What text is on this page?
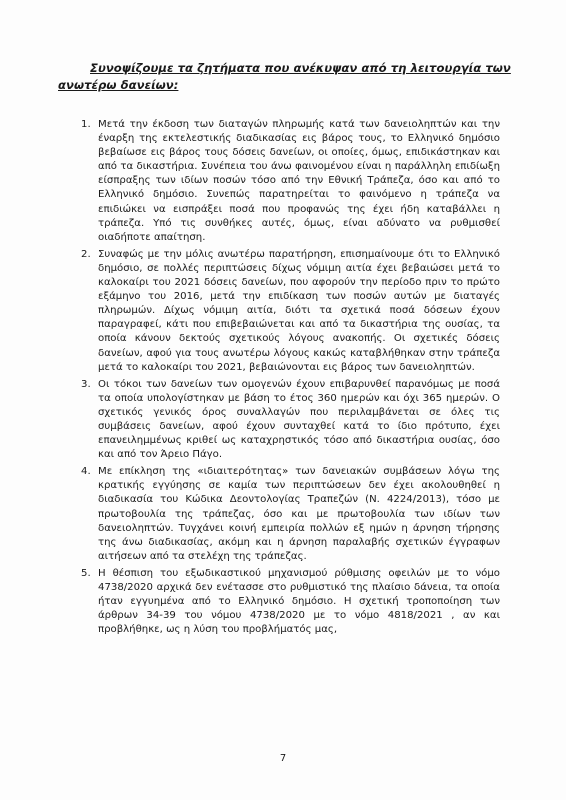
Συνοψίζουμε τα ζητήματα που ανέκυψαν από τη λειτουργία των ανωτέρω δανείων:
1. Μετά την έκδοση των διαταγών πληρωμής κατά των δανειοληπτών και την έναρξη της εκτελεστικής διαδικασίας εις βάρος τους, το Ελληνικό δημόσιο βεβαίωσε εις βάρος τους δόσεις δανείων, οι οποίες, όμως, επιδικάστηκαν και από τα δικαστήρια. Συνέπεια του άνω φαινομένου είναι η παράλληλη επιδίωξη είσπραξης των ιδίων ποσών τόσο από την Εθνική Τράπεζα, όσο και από το Ελληνικό δημόσιο. Συνεπώς παρατηρείται το φαινόμενο η τράπεζα να επιδιώκει να εισπράξει ποσά που προφανώς της έχει ήδη καταβάλλει η τράπεζα. Υπό τις συνθήκες αυτές, όμως, είναι αδύνατο να ρυθμισθεί οιαδήποτε απαίτηση.
2. Συναφώς με την μόλις ανωτέρω παρατήρηση, επισημαίνουμε ότι το Ελληνικό δημόσιο, σε πολλές περιπτώσεις δίχως νόμιμη αιτία έχει βεβαιώσει μετά το καλοκαίρι του 2021 δόσεις δανείων, που αφορούν την περίοδο πριν το πρώτο εξάμηνο του 2016, μετά την επιδίκαση των ποσών αυτών με διαταγές πληρωμών. Δίχως νόμιμη αιτία, διότι τα σχετικά ποσά δόσεων έχουν παραγραφεί, κάτι που επιβεβαιώνεται και από τα δικαστήρια της ουσίας, τα οποία κάνουν δεκτούς σχετικούς λόγους ανακοπής. Οι σχετικές δόσεις δανείων, αφού για τους ανωτέρω λόγους κακώς καταβλήθηκαν στην τράπεζα μετά το καλοκαίρι του 2021, βεβαιώνονται εις βάρος των δανειοληπτών.
3. Οι τόκοι των δανείων των ομογενών έχουν επιβαρυνθεί παρανόμως με ποσά τα οποία υπολογίστηκαν με βάση το έτος 360 ημερών και όχι 365 ημερών. Ο σχετικός γενικός όρος συναλλαγών που περιλαμβάνεται σε όλες τις συμβάσεις δανείων, αφού έχουν συνταχθεί κατά το ίδιο πρότυπο, έχει επανειλημμένως κριθεί ως καταχρηστικός τόσο από δικαστήρια ουσίας, όσο και από τον Άρειο Πάγο.
4. Με επίκληση της «ιδιαιτερότητας» των δανειακών συμβάσεων λόγω της κρατικής εγγύησης σε καμία των περιπτώσεων δεν έχει ακολουθηθεί η διαδικασία του Κώδικα Δεοντολογίας Τραπεζών (Ν. 4224/2013), τόσο με πρωτοβουλία της τράπεζας, όσο και με πρωτοβουλία των ιδίων των δανειοληπτών. Τυγχάνει κοινή εμπειρία πολλών εξ ημών η άρνηση τήρησης της άνω διαδικασίας, ακόμη και η άρνηση παραλαβής σχετικών έγγραφων αιτήσεων από τα στελέχη της τράπεζας.
5. Η θέσπιση του εξωδικαστικού μηχανισμού ρύθμισης οφειλών με το νόμο 4738/2020 αρχικά δεν ενέτασσε στο ρυθμιστικό της πλαίσιο δάνεια, τα οποία ήταν εγγυημένα από το Ελληνικό δημόσιο. Η σχετική τροποποίηση των άρθρων 34-39 του νόμου 4738/2020 με το νόμο 4818/2021 , αν και προβλήθηκε, ως η λύση του προβλήματός μας,
7
